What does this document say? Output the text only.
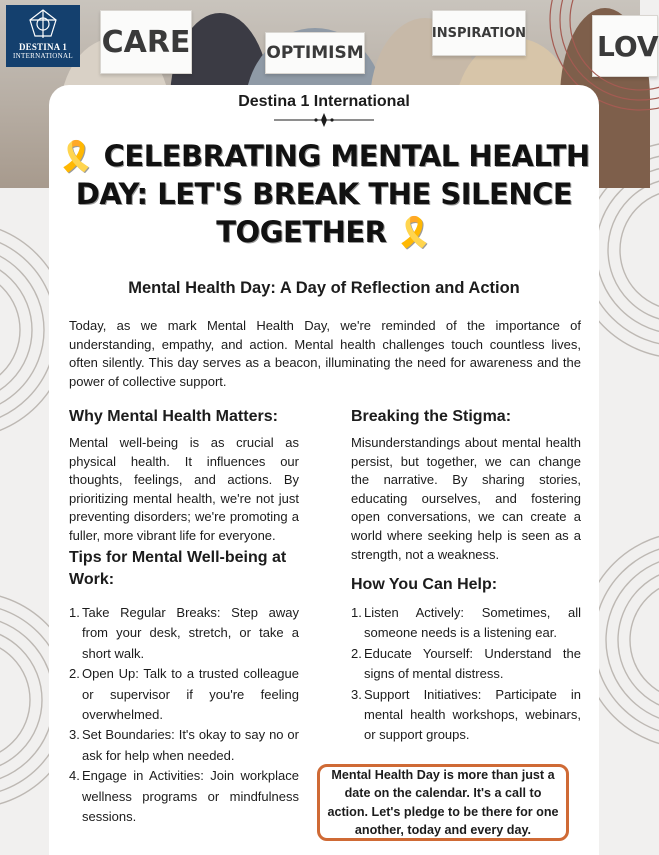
CARE	OPTIMISM
INSPIRATION	LOV
DESTINA 1
INTERNATIONAL
Destina 1 International
🎗️ CELEBRATING MENTAL HEALTH DAY: LET'S BREAK THE SILENCE TOGETHER 🎗️
Mental Health Day: A Day of Reflection and Action
Today, as we mark Mental Health Day, we're reminded of the importance of understanding, empathy, and action. Mental health challenges touch countless lives, often silently. This day serves as a beacon, illuminating the need for awareness and the power of collective support.
Why Mental Health Matters:
Mental well-being is as crucial as physical health. It influences our thoughts, feelings, and actions. By prioritizing mental health, we're not just preventing disorders; we're promoting a fuller, more vibrant life for everyone.
Breaking the Stigma:
Misunderstandings about mental health persist, but together, we can change the narrative. By sharing stories, educating ourselves, and fostering open conversations, we can create a world where seeking help is seen as a strength, not a weakness.
Tips for Mental Well-being at Work:
1. Take Regular Breaks: Step away from your desk, stretch, or take a short walk.
2. Open Up: Talk to a trusted colleague or supervisor if you're feeling overwhelmed.
3. Set Boundaries: It's okay to say no or ask for help when needed.
4. Engage in Activities: Join workplace wellness programs or mindfulness sessions.
How You Can Help:
1. Listen Actively: Sometimes, all someone needs is a listening ear.
2. Educate Yourself: Understand the signs of mental distress.
3. Support Initiatives: Participate in mental health workshops, webinars, or support groups.
Mental Health Day is more than just a date on the calendar. It's a call to action. Let's pledge to be there for one another, today and every day.
